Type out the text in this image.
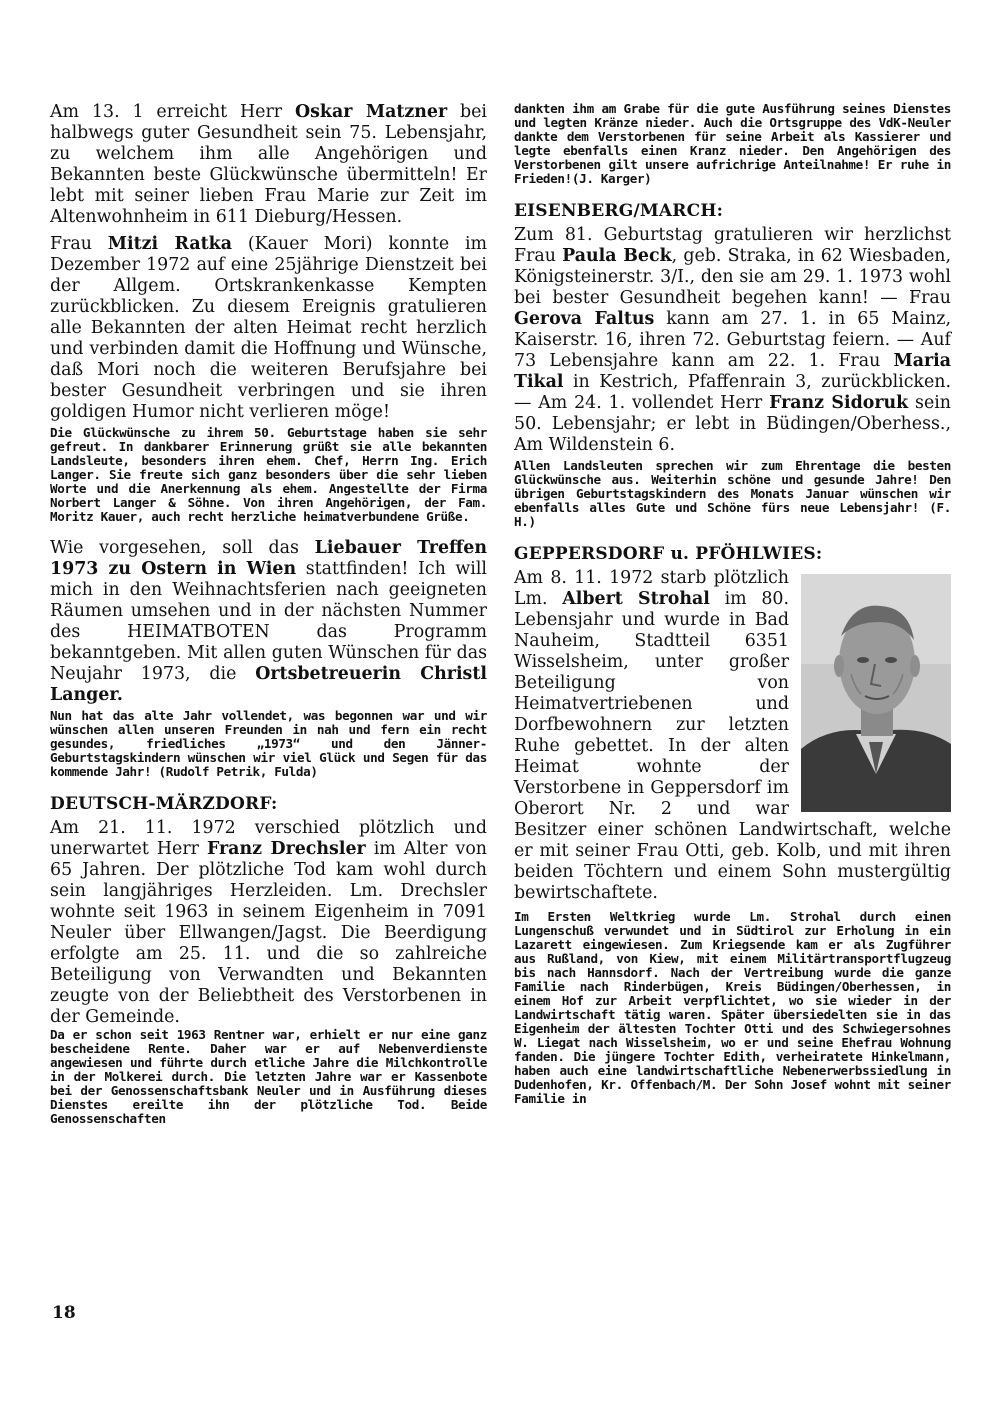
Am 13. 1 erreicht Herr Oskar Matzner bei halbwegs guter Gesundheit sein 75. Lebensjahr, zu welchem ihm alle Angehörigen und Bekannten beste Glückwünsche übermitteln! Er lebt mit seiner lieben Frau Marie zur Zeit im Altenwohnheim in 611 Dieburg/Hessen.

Frau Mitzi Ratka (Kauer Mori) konnte im Dezember 1972 auf eine 25jährige Dienstzeit bei der Allgem. Ortskrankenkasse Kempten zurückblicken. Zu diesem Ereignis gratulieren alle Bekannten der alten Heimat recht herzlich und verbinden damit die Hoffnung und Wünsche, daß Mori noch die weiteren Berufsjahre bei bester Gesundheit verbringen und sie ihren goldigen Humor nicht verlieren möge!

Die Glückwünsche zu ihrem 50. Geburtstage haben sie sehr gefreut. In dankbarer Erinnerung grüßt sie alle bekannten Landsleute, besonders ihren ehem. Chef, Herrn Ing. Erich Langer. Sie freute sich ganz besonders über die sehr lieben Worte und die Anerkennung als ehem. Angestellte der Firma Norbert Langer & Söhne. Von ihren Angehörigen, der Fam. Moritz Kauer, auch recht herzliche heimatverbundene Grüße.

Wie vorgesehen, soll das Liebauer Treffen 1973 zu Ostern in Wien stattfinden! Ich will mich in den Weihnachtsferien nach geeigneten Räumen umsehen und in der nächsten Nummer des HEIMATBOTEN das Programm bekanntgeben. Mit allen guten Wünschen für das Neujahr 1973, die Ortsbetreuerin Christl Langer.

Nun hat das alte Jahr vollendet, was begonnen war und wir wünschen allen unseren Freunden in nah und fern ein recht gesundes, friedliches „1973“ und den Jänner-Geburtstagskindern wünschen wir viel Glück und Segen für das kommende Jahr! (Rudolf Petrik, Fulda)

DEUTSCH-MÄRZDORF:

Am 21. 11. 1972 verschied plötzlich und unerwartet Herr Franz Drechsler im Alter von 65 Jahren. Der plötzliche Tod kam wohl durch sein langjähriges Herzleiden. Lm. Drechsler wohnte seit 1963 in seinem Eigenheim in 7091 Neuler über Ellwangen/Jagst. Die Beerdigung erfolgte am 25. 11. und die so zahlreiche Beteiligung von Verwandten und Bekannten zeugte von der Beliebtheit des Verstorbenen in der Gemeinde.

Da er schon seit 1963 Rentner war, erhielt er nur eine ganz bescheidene Rente. Daher war er auf Nebenverdienste angewiesen und führte durch etliche Jahre die Milchkontrolle in der Molkerei durch. Die letzten Jahre war er Kassenbote bei der Genossenschaftsbank Neuler und in Ausführung dieses Dienstes ereilte ihn der plötzliche Tod. Beide Genossenschaften

dankten ihm am Grabe für die gute Ausführung seines Dienstes und legten Kränze nieder. Auch die Ortsgruppe des VdK-Neuler dankte dem Verstorbenen für seine Arbeit als Kassierer und legte ebenfalls einen Kranz nieder. Den Angehörigen des Verstorbenen gilt unsere aufrichrige Anteilnahme! Er ruhe in Frieden!(J. Karger)

EISENBERG/MARCH:

Zum 81. Geburtstag gratulieren wir herzlichst Frau Paula Beck, geb. Straka, in 62 Wiesbaden, Königsteinerstr. 3/I., den sie am 29. 1. 1973 wohl bei bester Gesundheit begehen kann! — Frau Gerova Faltus kann am 27. 1. in 65 Mainz, Kaiserstr. 16, ihren 72. Geburtstag feiern. — Auf 73 Lebensjahre kann am 22. 1. Frau Maria Tikal in Kestrich, Pfaffenrain 3, zurückblicken. — Am 24. 1. vollendet Herr Franz Sidoruk sein 50. Lebensjahr; er lebt in Büdingen/Oberhess., Am Wildenstein 6.

Allen Landsleuten sprechen wir zum Ehrentage die besten Glückwünsche aus. Weiterhin schöne und gesunde Jahre! Den übrigen Geburtstagskindern des Monats Januar wünschen wir ebenfalls alles Gute und Schöne fürs neue Lebensjahr! (F. H.)

GEPPERSDORF u. PFÖHLWIES:

Am 8. 11. 1972 starb plötzlich Lm. Albert Strohal im 80. Lebensjahr und wurde in Bad Nauheim, Stadtteil 6351 Wisselsheim, unter großer Beteiligung von Heimatvertriebenen und Dorfbewohnern zur letzten Ruhe gebettet. In der alten Heimat wohnte der Verstorbene in Geppersdorf im Oberort Nr. 2 und war Besitzer einer schönen Landwirtschaft, welche er mit seiner Frau Otti, geb. Kolb, und mit ihren beiden Töchtern und einem Sohn mustergültig bewirtschaftete.

Im Ersten Weltkrieg wurde Lm. Strohal durch einen Lungenschuß verwundet und in Südtirol zur Erholung in ein Lazarett eingewiesen. Zum Kriegsende kam er als Zugführer aus Rußland, von Kiew, mit einem Militärtransportflugzeug bis nach Hannsdorf. Nach der Vertreibung wurde die ganze Familie nach Rinderbügen, Kreis Büdingen/Oberhessen, in einem Hof zur Arbeit verpflichtet, wo sie wieder in der Landwirtschaft tätig waren. Später übersiedelten sie in das Eigenheim der ältesten Tochter Otti und des Schwiegersohnes W. Liegat nach Wisselsheim, wo er und seine Ehefrau Wohnung fanden. Die jüngere Tochter Edith, verheiratete Hinkelmann, haben auch eine landwirtschaftliche Nebenerwerbssiedlung in Dudenhofen, Kr. Offenbach/M. Der Sohn Josef wohnt mit seiner Familie in

18
